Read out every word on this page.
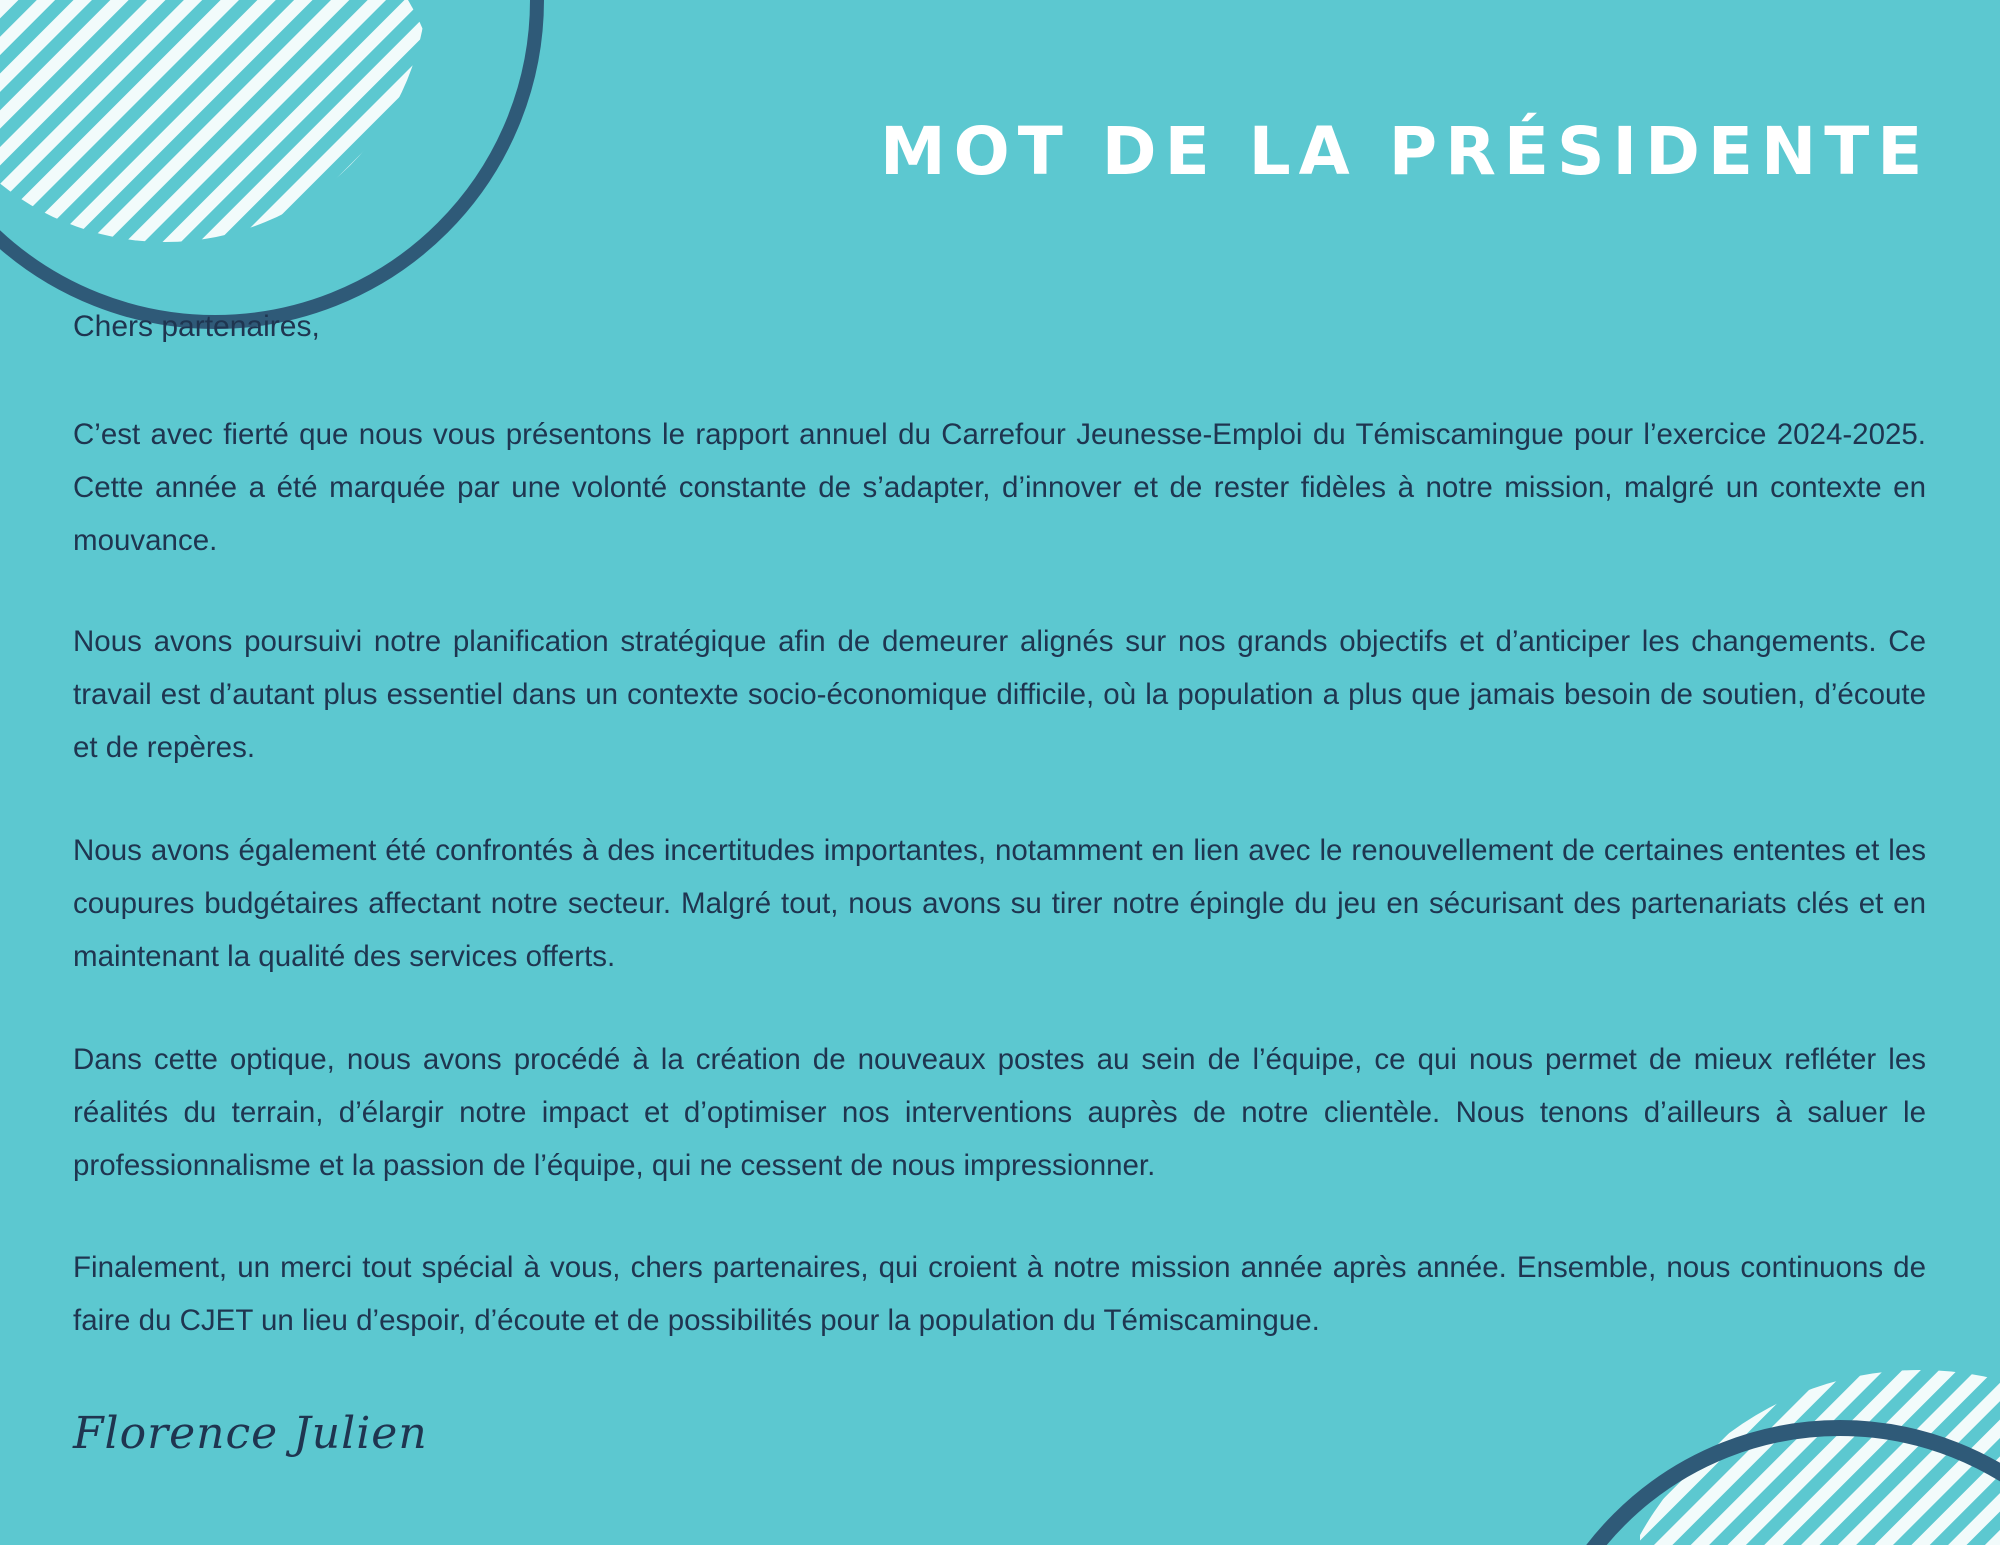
MOT DE LA PRÉSIDENTE

Chers partenaires,

C’est avec fierté que nous vous présentons le rapport annuel du Carrefour Jeunesse-Emploi du Témiscamingue pour l’exercice 2024-2025. Cette année a été marquée par une volonté constante de s’adapter, d’innover et de rester fidèles à notre mission, malgré un contexte en mouvance.

Nous avons poursuivi notre planification stratégique afin de demeurer alignés sur nos grands objectifs et d’anticiper les changements. Ce travail est d’autant plus essentiel dans un contexte socio-économique difficile, où la population a plus que jamais besoin de soutien, d’écoute et de repères.

Nous avons également été confrontés à des incertitudes importantes, notamment en lien avec le renouvellement de certaines ententes et les coupures budgétaires affectant notre secteur. Malgré tout, nous avons su tirer notre épingle du jeu en sécurisant des partenariats clés et en maintenant la qualité des services offerts.

Dans cette optique, nous avons procédé à la création de nouveaux postes au sein de l’équipe, ce qui nous permet de mieux refléter les réalités du terrain, d’élargir notre impact et d’optimiser nos interventions auprès de notre clientèle. Nous tenons d’ailleurs à saluer le professionnalisme et la passion de l’équipe, qui ne cessent de nous impressionner.

Finalement, un merci tout spécial à vous, chers partenaires, qui croient à notre mission année après année. Ensemble, nous continuons de faire du CJET un lieu d’espoir, d’écoute et de possibilités pour la population du Témiscamingue.

Florence Julien
